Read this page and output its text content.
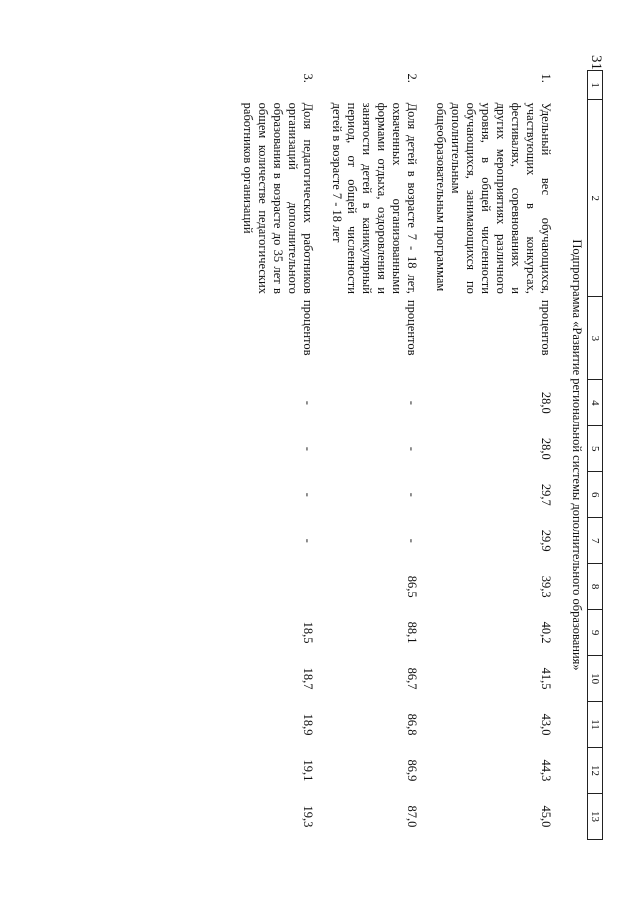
31
1	2	3	4	5	6	7	8	9	10	11	12	13
Подпрограмма «Развитие региональной системы дополнительного образования»												
1.	Удельный вес обучающихся, участвующих в конкурсах, фестивалях, соревнованиях и других мероприятиях различного уровня, в общей численности обучающихся, занимающихся по дополнительным общеобразовательным программам	процентов	28,0	28,0	29,7	29,9	39,3	40,2	41,5	43,0	44,3	45,0
2.	Доля детей в возрасте 7 - 18 лет, охваченных организованными формами отдыха, оздоровления и занятости детей в каникулярный период, от общей численности детей в возрасте 7 - 18 лет	процентов	-	-	-	-	86,5	88,1	86,7	86,8	86,9	87,0
3.	Доля педагогических работников организаций дополнительного образования в возрасте до 35 лет в общем количестве педагогических работников организаций	процентов	-	-	-	-		18,5	18,7	18,9	19,1	19,3
